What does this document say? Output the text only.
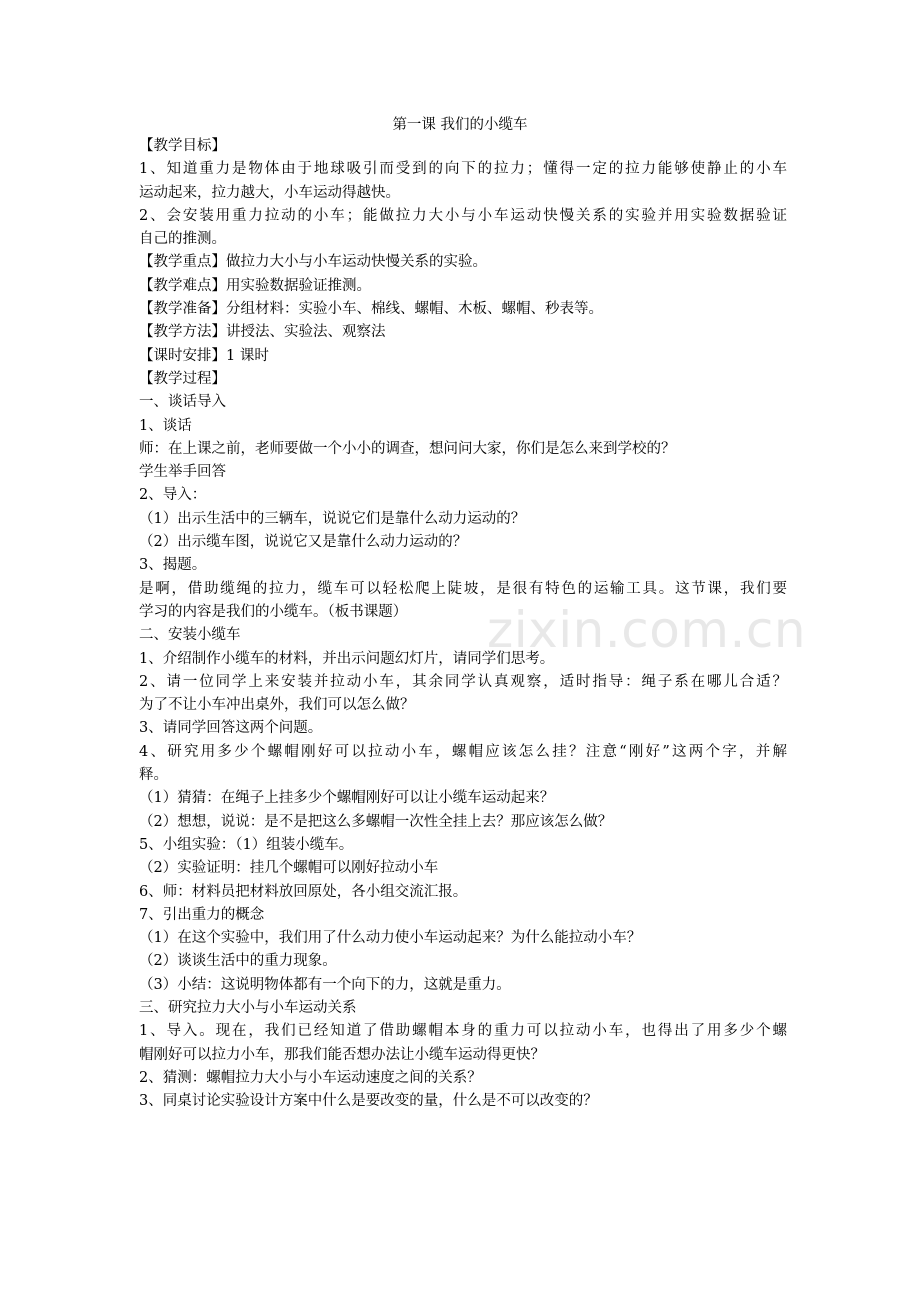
第一课 我们的小缆车
【教学目标】
1、知道重力是物体由于地球吸引而受到的向下的拉力；懂得一定的拉力能够使静止的小车
运动起来，拉力越大，小车运动得越快。
2、会安装用重力拉动的小车；能做拉力大小与小车运动快慢关系的实验并用实验数据验证
自己的推测。
【教学重点】做拉力大小与小车运动快慢关系的实验。
【教学难点】用实验数据验证推测。
【教学准备】分组材料：实验小车、棉线、螺帽、木板、螺帽、秒表等。
【教学方法】讲授法、实验法、观察法
【课时安排】1 课时
【教学过程】
一、谈话导入
1、谈话
师：在上课之前，老师要做一个小小的调查，想问问大家，你们是怎么来到学校的？
学生举手回答
2、导入：
（1）出示生活中的三辆车，说说它们是靠什么动力运动的？
（2）出示缆车图，说说它又是靠什么动力运动的？
3、揭题。
是啊，借助缆绳的拉力，缆车可以轻松爬上陡坡，是很有特色的运输工具。这节课，我们要
学习的内容是我们的小缆车。（板书课题）
二、安装小缆车
1、介绍制作小缆车的材料，并出示问题幻灯片，请同学们思考。
2、请一位同学上来安装并拉动小车，其余同学认真观察，适时指导：绳子系在哪儿合适？
为了不让小车冲出桌外，我们可以怎么做？
3、请同学回答这两个问题。
4、研究用多少个螺帽刚好可以拉动小车，螺帽应该怎么挂？注意“刚好”这两个字，并解
释。
（1）猜猜：在绳子上挂多少个螺帽刚好可以让小缆车运动起来？
（2）想想，说说：是不是把这么多螺帽一次性全挂上去？那应该怎么做？
5、小组实验：（1）组装小缆车。
（2）实验证明：挂几个螺帽可以刚好拉动小车
6、师：材料员把材料放回原处，各小组交流汇报。
7、引出重力的概念
（1）在这个实验中，我们用了什么动力使小车运动起来？为什么能拉动小车？
（2）谈谈生活中的重力现象。
（3）小结：这说明物体都有一个向下的力，这就是重力。
三、研究拉力大小与小车运动关系
1、导入。现在，我们已经知道了借助螺帽本身的重力可以拉动小车，也得出了用多少个螺
帽刚好可以拉力小车，那我们能否想办法让小缆车运动得更快？
2、猜测：螺帽拉力大小与小车运动速度之间的关系？
3、同桌讨论实验设计方案中什么是要改变的量，什么是不可以改变的？
zixin.com.cn
